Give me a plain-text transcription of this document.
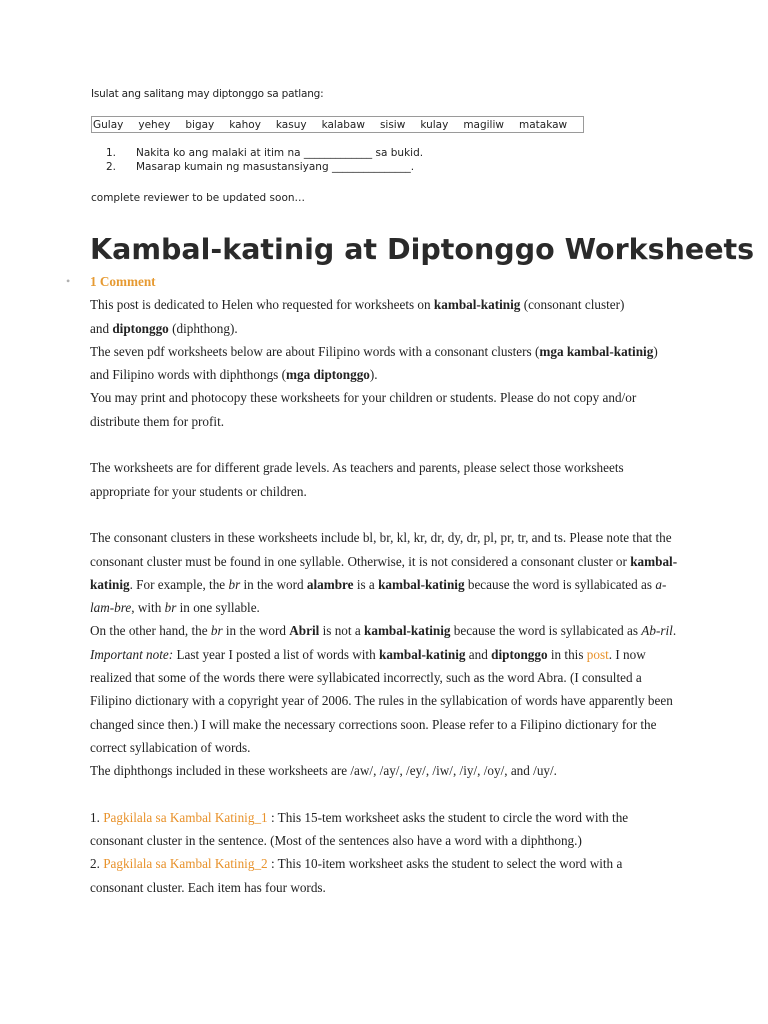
Isulat ang salitang may diptonggo sa patlang:

Gulay yehey bigay kahoy kasuy kalabaw sisiw kulay magiliw matakaw
1. Nakita ko ang malaki at itim na _____________ sa bukid.
2. Masarap kumain ng masustansiyang _______________.

complete reviewer to be updated soon…

Kambal-katinig at Diptonggo Worksheets

• 1 Comment

This post is dedicated to Helen who requested for worksheets on kambal-katinig (consonant cluster)
and diptonggo (diphthong).

The seven pdf worksheets below are about Filipino words with a consonant clusters (mga kambal-katinig)
and Filipino words with diphthongs (mga diptonggo).

You may print and photocopy these worksheets for your children or students. Please do not copy and/or
distribute them for profit.

The worksheets are for different grade levels. As teachers and parents, please select those worksheets
appropriate for your students or children.

The consonant clusters in these worksheets include bl, br, kl, kr, dr, dy, dr, pl, pr, tr, and ts. Please note that the
consonant cluster must be found in one syllable. Otherwise, it is not considered a consonant cluster or kambal-
katinig. For example, the br in the word alambre is a kambal-katinig because the word is syllabicated as a-
lam-bre, with br in one syllable.

On the other hand, the br in the word Abril is not a kambal-katinig because the word is syllabicated as Ab-ril.

Important note: Last year I posted a list of words with kambal-katinig and diptonggo in this post. I now
realized that some of the words there were syllabicated incorrectly, such as the word Abra. (I consulted a
Filipino dictionary with a copyright year of 2006. The rules in the syllabication of words have apparently been
changed since then.) I will make the necessary corrections soon. Please refer to a Filipino dictionary for the
correct syllabication of words.

The diphthongs included in these worksheets are /aw/, /ay/, /ey/, /iw/, /iy/, /oy/, and /uy/.

1. Pagkilala sa Kambal Katinig_1 : This 15-tem worksheet asks the student to circle the word with the
consonant cluster in the sentence. (Most of the sentences also have a word with a diphthong.)

2. Pagkilala sa Kambal Katinig_2 : This 10-item worksheet asks the student to select the word with a
consonant cluster. Each item has four words.
